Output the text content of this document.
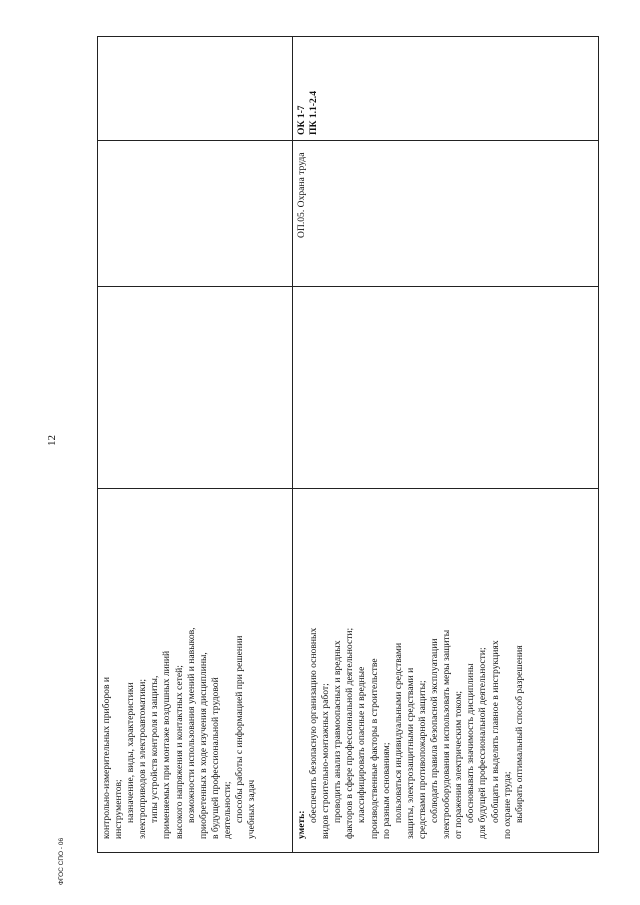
12
контрольно-измерительных приборов и инструментов; назначение, виды, характеристики электроприводов и электроавтоматики; типы устройств контроля и защиты, применяемых при монтаже воздушных линий высокого напряжения и контактных сетей; возможности использования умений и навыков, приобретенных в ходе изучения дисциплины, в будущей профессиональной трудовой деятельности; способы работы с информацией при решении учебных задач	уметь:
обеспечить безопасную организацию основных видов строительно-монтажных работ; проводить анализ травмоопасных и вредных факторов в сфере профессиональной деятельности; классифицировать опасные и вредные производственные факторы в строительстве по разным основаниям; пользоваться индивидуальными средствами защиты, электрозащитными средствами и средствами противопожарной защиты; соблюдать правила безопасной эксплуатации электрооборудования и использовать меры защиты от поражения электрическим током; обосновывать значимость дисциплины для будущей профессиональной деятельности; обобщать и выделять главное в инструкциях по охране труда; выбирать оптимальный способ разрешения
ОП.05. Охрана труда
ОК 1-7 ПК 1.1-2.4
ФГОС СПО - 06
